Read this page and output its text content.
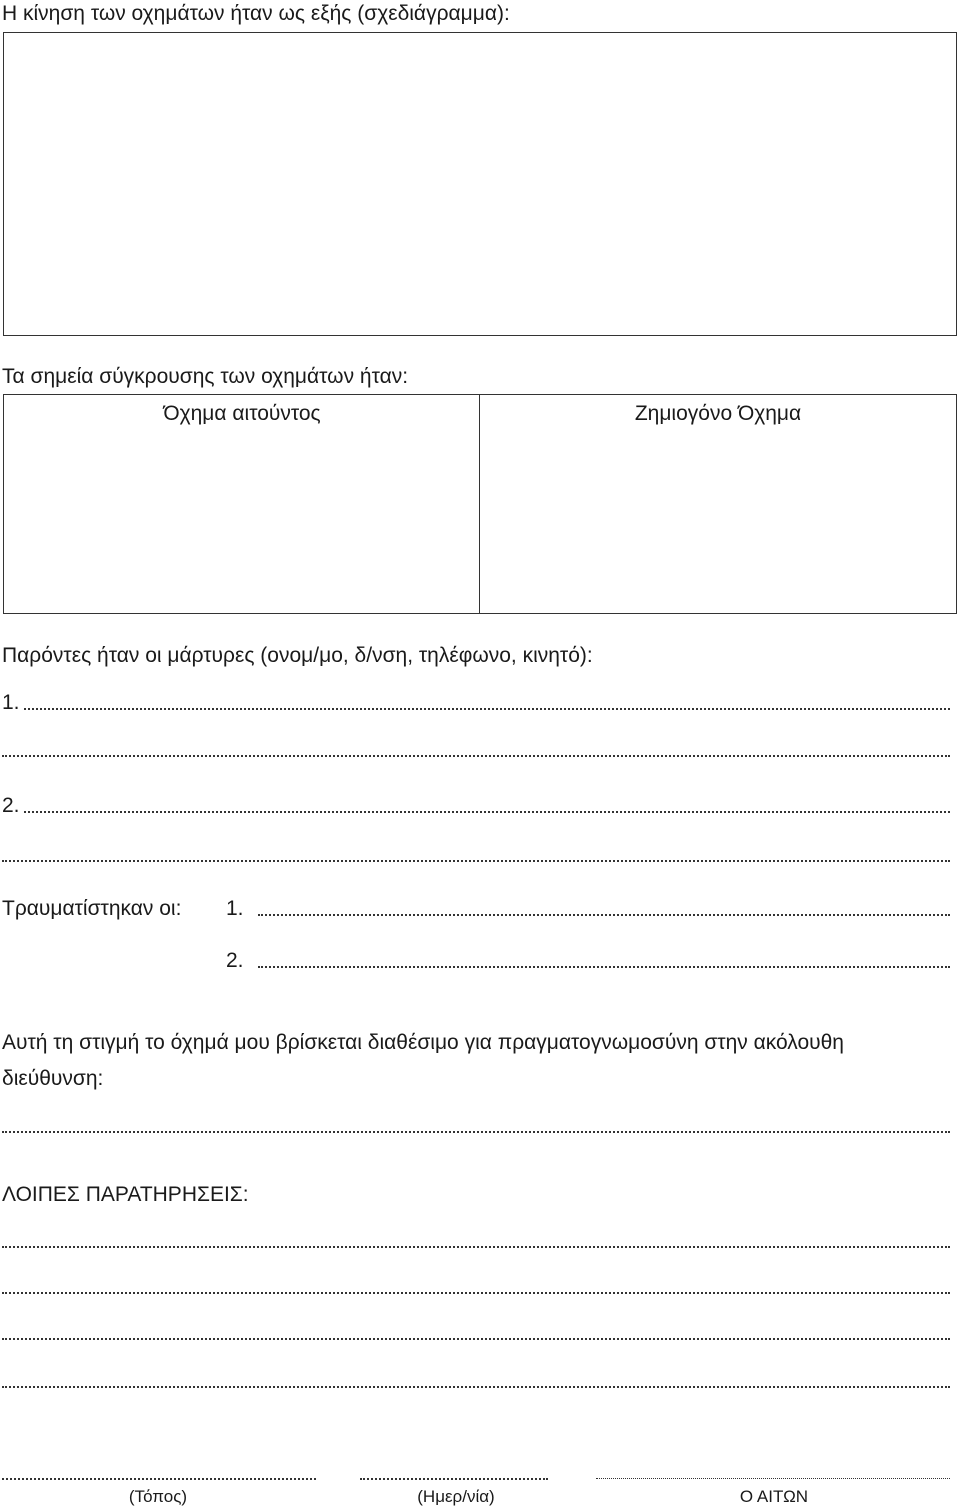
Η κίνηση των οχημάτων ήταν ως εξής (σχεδιάγραμμα):
Τα σημεία σύγκρουσης των οχημάτων ήταν:
Όχημα αιτούντος	Ζημιογόνο Όχημα
Παρόντες ήταν οι μάρτυρες (ονομ/μο, δ/νση, τηλέφωνο, κινητό):
1.
2.
Τραυματίστηκαν οι: 1.
2.
Αυτή τη στιγμή το όχημά μου βρίσκεται διαθέσιμο για πραγματογνωμοσύνη στην ακόλουθη
διεύθυνση:
ΛΟΙΠΕΣ ΠΑΡΑΤΗΡΗΣΕΙΣ:
(Τόπος)	(Ημερ/νία)	Ο ΑΙΤΩΝ
